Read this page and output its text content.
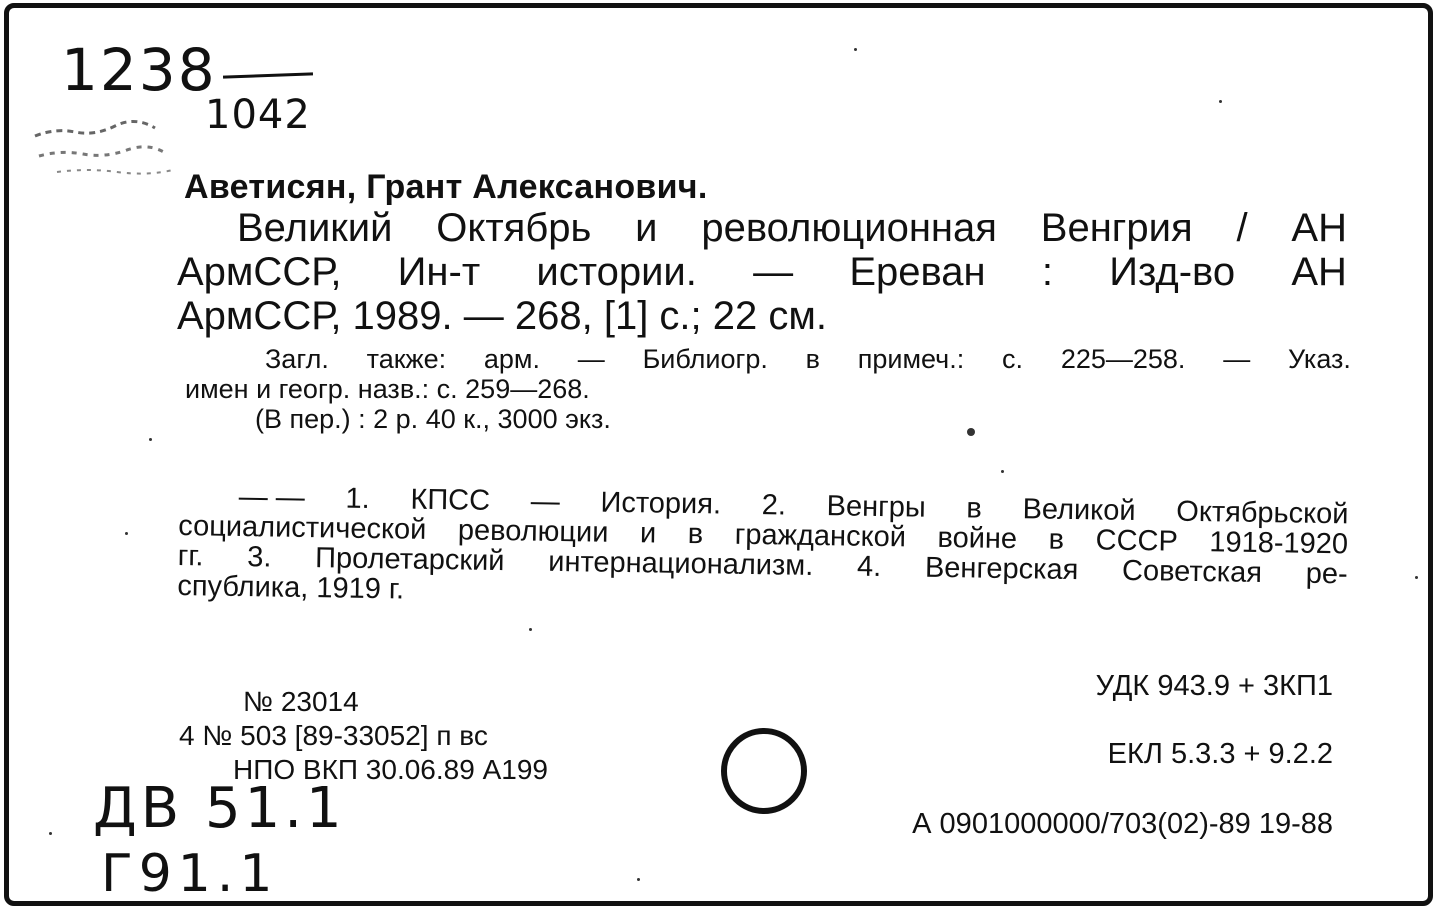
1238
1042
Аветисян, Грант Алексанович.
Великий Октябрь и революционная Венгрия / АН
АрмССР, Ин-т истории. — Ереван : Изд-во АН
АрмССР, 1989. — 268, [1] с.; 22 см.
Загл. также: арм. — Библиогр. в примеч.: с. 225—258. — Указ.
имен и геогр. назв.: с. 259—268.
(В пер.) : 2 р. 40 к., 3000 экз.
— — 1. КПСС — История. 2. Венгры в Великой Октябрьской
социалистической революции и в гражданской войне в СССР 1918-1920
гг. 3. Пролетарский интернационализм. 4. Венгерская Советская ре-
спублика, 1919 г.
№ 23014
4 № 503 [89-33052] п вс
НПО ВКП 30.06.89 А199
УДК 943.9 + 3КП1
ЕКЛ 5.3.3 + 9.2.2
А 0901000000/703(02)-89 19-88
ДВ 51.1
Г91.1
